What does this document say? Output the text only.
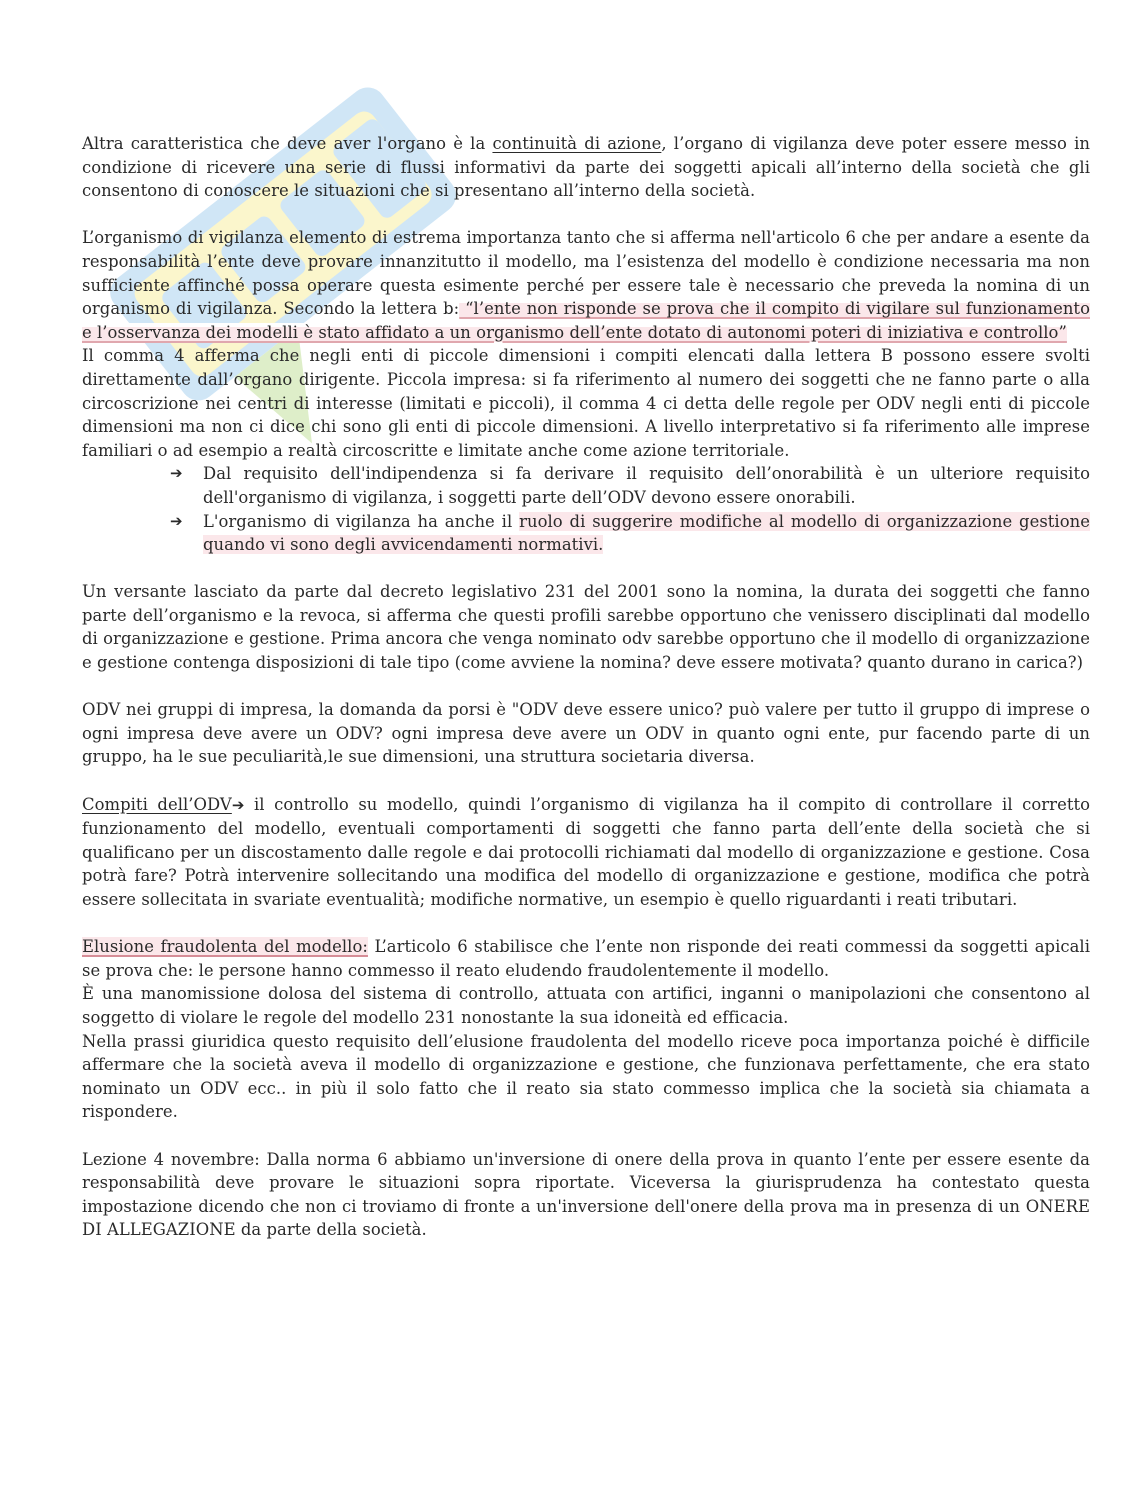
Altra caratteristica che deve aver l'organo è la continuità di azione, l’organo di vigilanza deve poter essere messo in condizione di ricevere una serie di flussi informativi da parte dei soggetti apicali all’interno della società che gli consentono di conoscere le situazioni che si presentano all’interno della società.

L’organismo di vigilanza elemento di estrema importanza tanto che si afferma nell'articolo 6 che per andare a esente da responsabilità l’ente deve provare innanzitutto il modello, ma l’esistenza del modello è condizione necessaria ma non sufficiente affinché possa operare questa esimente perché per essere tale è necessario che preveda la nomina di un organismo di vigilanza. Secondo la lettera b: “l’ente non risponde se prova che il compito di vigilare sul funzionamento e l’osservanza dei modelli è stato affidato a un organismo dell’ente dotato di autonomi poteri di iniziativa e controllo”

Il comma 4 afferma che negli enti di piccole dimensioni i compiti elencati dalla lettera B possono essere svolti direttamente dall’organo dirigente. Piccola impresa: si fa riferimento al numero dei soggetti che ne fanno parte o alla circoscrizione nei centri di interesse (limitati e piccoli), il comma 4 ci detta delle regole per ODV negli enti di piccole dimensioni ma non ci dice chi sono gli enti di piccole dimensioni. A livello interpretativo si fa riferimento alle imprese familiari o ad esempio a realtà circoscritte e limitate anche come azione territoriale.

➔ Dal requisito dell'indipendenza si fa derivare il requisito dell’onorabilità è un ulteriore requisito dell'organismo di vigilanza, i soggetti parte dell’ODV devono essere onorabili.
➔ L'organismo di vigilanza ha anche il ruolo di suggerire modifiche al modello di organizzazione gestione quando vi sono degli avvicendamenti normativi.

Un versante lasciato da parte dal decreto legislativo 231 del 2001 sono la nomina, la durata dei soggetti che fanno parte dell’organismo e la revoca, si afferma che questi profili sarebbe opportuno che venissero disciplinati dal modello di organizzazione e gestione. Prima ancora che venga nominato odv sarebbe opportuno che il modello di organizzazione e gestione contenga disposizioni di tale tipo (come avviene la nomina? deve essere motivata? quanto durano in carica?)

ODV nei gruppi di impresa, la domanda da porsi è "ODV deve essere unico? può valere per tutto il gruppo di imprese o ogni impresa deve avere un ODV? ogni impresa deve avere un ODV in quanto ogni ente, pur facendo parte di un gruppo, ha le sue peculiarità,le sue dimensioni, una struttura societaria diversa.

Compiti dell’ODV➔ il controllo su modello, quindi l’organismo di vigilanza ha il compito di controllare il corretto funzionamento del modello, eventuali comportamenti di soggetti che fanno parta dell’ente della società che si qualificano per un discostamento dalle regole e dai protocolli richiamati dal modello di organizzazione e gestione. Cosa potrà fare? Potrà intervenire sollecitando una modifica del modello di organizzazione e gestione, modifica che potrà essere sollecitata in svariate eventualità; modifiche normative, un esempio è quello riguardanti i reati tributari.

Elusione fraudolenta del modello: L’articolo 6 stabilisce che l’ente non risponde dei reati commessi da soggetti apicali se prova che: le persone hanno commesso il reato eludendo fraudolentemente il modello.

È una manomissione dolosa del sistema di controllo, attuata con artifici, inganni o manipolazioni che consentono al soggetto di violare le regole del modello 231 nonostante la sua idoneità ed efficacia.

Nella prassi giuridica questo requisito dell’elusione fraudolenta del modello riceve poca importanza poiché è difficile affermare che la società aveva il modello di organizzazione e gestione, che funzionava perfettamente, che era stato nominato un ODV ecc.. in più il solo fatto che il reato sia stato commesso implica che la società sia chiamata a rispondere.

Lezione 4 novembre: Dalla norma 6 abbiamo un'inversione di onere della prova in quanto l’ente per essere esente da responsabilità deve provare le situazioni sopra riportate. Viceversa la giurisprudenza ha contestato questa impostazione dicendo che non ci troviamo di fronte a un'inversione dell'onere della prova ma in presenza di un ONERE DI ALLEGAZIONE da parte della società.
